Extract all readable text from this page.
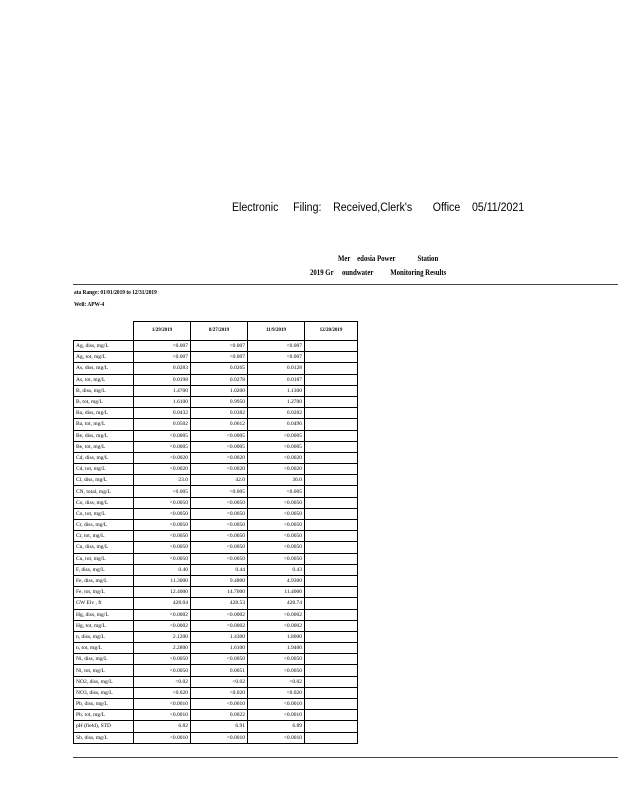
Electronic Filing: Received,Clerk's Office 05/11/2021
Mer edosia Power	Station
2019 Gr oundwater Monitoring Results
ata Range: 01/01/2019 to 12/31/2019
Well: APW-4
	1/29/2019	8/27/2019	11/9/2019	12/20/2019
Ag, diss, mg/L	<0.007	<0.007	<0.007	
Ag, tot, mg/L	<0.007	<0.007	<0.007	
As, diss, mg/L	0.0283	0.0265	0.0128	
As, tot, mg/L	0.0198	0.0278	0.0187	
B, diss, mg/L	1.4700	1.0200	1.1300	
B, tot, mg/L	1.6100	0.9950	1.2700	
Ba, diss, mg/L	0.0432	0.0382	0.0202	
Ba, tot, mg/L	0.0502	0.0612	0.0496	
Be, diss, mg/L	<0.0005	<0.0005	<0.0005	
Be, tot, mg/L	<0.0005	<0.0005	<0.0005	
Cd, diss, mg/L	<0.0020	<0.0020	<0.0020	
Cd, tot, mg/L	<0.0020	<0.0020	<0.0020	
Cl, diss, mg/L	23.0	42.0	36.0	
CN, total, mg/L	<0.005	<0.005	<0.005	
Co, diss, mg/L	<0.0050	<0.0050	<0.0050	
Co, tot, mg/L	<0.0050	<0.0050	<0.0050	
Cr, diss, mg/L	<0.0050	<0.0050	<0.0050	
Cr, tot, mg/L	<0.0050	<0.0050	<0.0050	
Cu, diss, mg/L	<0.0050	<0.0050	<0.0050	
Cu, tot, mg/L	<0.0050	<0.0050	<0.0050	
F, diss, mg/L	0.40	0.44	0.43	
Fe, diss, mg/L	11.3000	9.4800	4.9300	
Fe, tot, mg/L	12.4000	14.7000	11.4000	
GW Elv , ft	428.04	428.53	428.74	
Hg, diss, mg/L	<0.0002	<0.0002	<0.0002	
Hg, tot, mg/L	<0.0002	<0.0002	<0.0002	
n, diss, mg/L	2.1200	1.4300	1.8000	
n, tot, mg/L	2.2800	1.6100	1.9400	
Ni, diss, mg/L	<0.0050	<0.0050	<0.0050	
Ni, tot, mg/L	<0.0050	0.0051	<0.0050	
NO2, diss, mg/L	<0.02	<0.02	<0.02	
NO3, diss, mg/L	<0.020	<0.020	<0.020	
Pb, diss, mg/L	<0.0010	<0.0010	<0.0010	
Pb, tot, mg/L	<0.0010	0.0022	<0.0010	
pH (field), STD	6.82	6.91	6.89	
Sb, diss, mg/L	<0.0010	<0.0010	<0.0010	
